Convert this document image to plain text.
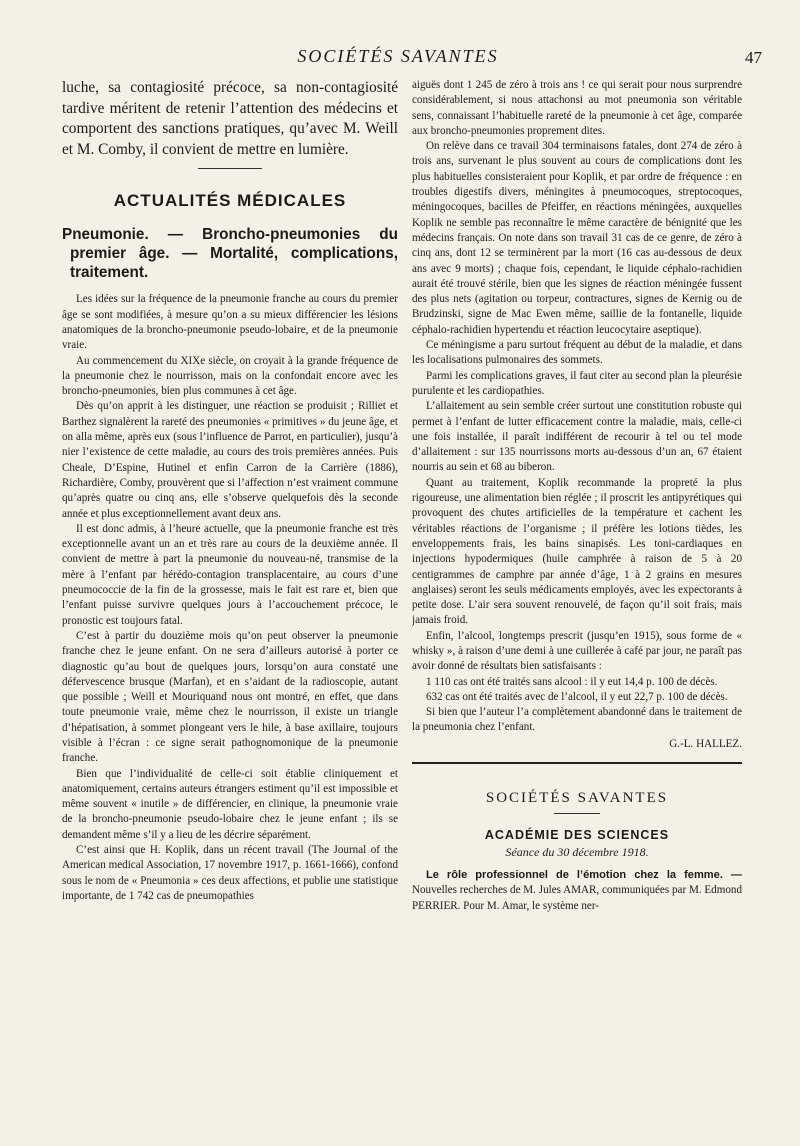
SOCIÉTÉS SAVANTES	47

luche, sa contagiosité précoce, sa non-contagiosité tardive méritent de retenir l’attention des médecins et comportent des sanctions pratiques, qu’avec M. Weill et M. Comby, il convient de mettre en lumière.

ACTUALITÉS MÉDICALES
Pneumonie. — Broncho-pneumonies du premier âge. — Mortalité, complications, traitement.

Les idées sur la fréquence de la pneumonie franche au cours du premier âge se sont modifiées, à mesure qu’on a su mieux différencier les lésions anatomiques de la broncho-pneumonie pseudo-lobaire, et de la pneumonie vraie.

Au commencement du XIXe siècle, on croyait à la grande fréquence de la pneumonie chez le nourrisson, mais on la confondait encore avec les broncho-pneumonies, bien plus communes à cet âge.

Dès qu’on apprit à les distinguer, une réaction se produisit ; Rilliet et Barthez signalèrent la rareté des pneumonies « primitives » du jeune âge, et on alla même, après eux (sous l’influence de Parrot, en particulier), jusqu’à nier l’existence de cette maladie, au cours des trois premières années. Puis Cheale, D’Espine, Hutinel et enfin Carron de la Carrière (1886), Richardière, Comby, prouvèrent que si l’affection n’est vraiment commune qu’après quatre ou cinq ans, elle s’observe quelquefois dès la seconde année et plus exceptionnellement avant deux ans.

Il est donc admis, à l’heure actuelle, que la pneumonie franche est très exceptionnelle avant un an et très rare au cours de la deuxième année. Il convient de mettre à part la pneumonie du nouveau-né, transmise de la mère à l’enfant par hérédo-contagion transplacentaire, au cours d’une pneumococcie de la fin de la grossesse, mais le fait est rare et, bien que l’enfant puisse survivre quelques jours à l’accouchement précoce, le pronostic est toujours fatal.

C’est à partir du douzième mois qu’on peut observer la pneumonie franche chez le jeune enfant. On ne sera d’ailleurs autorisé à porter ce diagnostic qu’au bout de quelques jours, lorsqu’on aura constaté une défervescence brusque (Marfan), et en s’aidant de la radioscopie, autant que possible ; Weill et Mouriquand nous ont montré, en effet, que dans toute pneumonie vraie, même chez le nourrisson, il existe un triangle d’hépatisation, à sommet plongeant vers le hile, à base axillaire, toujours visible à l’écran : ce signe serait pathognomonique de la pneumonie franche.

Bien que l’individualité de celle-ci soit établie cliniquement et anatomiquement, certains auteurs étrangers estiment qu’il est impossible et même souvent « inutile » de différencier, en clinique, la pneumonie vraie de la broncho-pneumonie pseudo-lobaire chez le jeune enfant ; ils se demandent même s’il y a lieu de les décrire séparément.

C’est ainsi que H. Koplik, dans un récent travail (The Journal of the American medical Association, 17 novembre 1917, p. 1661-1666), confond sous le nom de « Pneumonia » ces deux affections, et publie une statistique importante, de 1 742 cas de pneumopathies

aiguës dont 1 245 de zéro à trois ans ! ce qui serait pour nous surprendre considérablement, si nous attachonsi au mot pneumonia son véritable sens, connaissant l’habituelle rareté de la pneumonie à cet âge, comparée aux broncho-pneumonies proprement dites.

On relève dans ce travail 304 terminaisons fatales, dont 274 de zéro à trois ans, survenant le plus souvent au cours de complications dont les plus habituelles consisteraient pour Koplik, et par ordre de fréquence : en troubles digestifs divers, méningites à pneumocoques, streptocoques, méningocoques, bacilles de Pfeiffer, en réactions méningées, auxquelles Koplik ne semble pas reconnaître le même caractère de bénignité que les médecins français. On note dans son travail 31 cas de ce genre, de zéro à cinq ans, dont 12 se terminèrent par la mort (16 cas au-dessous de deux ans avec 9 morts) ; chaque fois, cependant, le liquide céphalo-rachidien aurait été trouvé stérile, bien que les signes de réaction méningée fussent des plus nets (agitation ou torpeur, contractures, signes de Kernig ou de Brudzinski, signe de Mac Ewen même, saillie de la fontanelle, liquide céphalo-rachidien hypertendu et réaction leucocytaire aseptique).

Ce méningisme a paru surtout fréquent au début de la maladie, et dans les localisations pulmonaires des sommets.

Parmi les complications graves, il faut citer au second plan la pleurésie purulente et les cardiopathies.

L’allaitement au sein semble créer surtout une constitution robuste qui permet à l’enfant de lutter efficacement contre la maladie, mais, celle-ci une fois installée, il paraît indifférent de recourir à tel ou tel mode d’allaitement : sur 135 nourrissons morts au-dessous d’un an, 67 étaient nourris au sein et 68 au biberon.

Quant au traitement, Koplik recommande la propreté la plus rigoureuse, une alimentation bien réglée ; il proscrit les antipyrétiques qui provoquent des chutes artificielles de la température et cachent les véritables réactions de l’organisme ; il préfère les lotions tièdes, les enveloppements frais, les bains sinapisés. Les toni-cardiaques en injections hypodermiques (huile camphrée à raison de 5 à 20 centigrammes de camphre par année d’âge, 1 à 2 grains en mesures anglaises) seront les seuls médicaments employés, avec les expectorants à petite dose. L’air sera souvent renouvelé, de façon qu’il soit frais, mais jamais froid.

Enfin, l’alcool, longtemps prescrit (jusqu’en 1915), sous forme de « whisky », à raison d’une demi à une cuillerée à café par jour, ne paraît pas avoir donné de résultats bien satisfaisants :

1 110 cas ont été traités sans alcool : il y eut 14,4 p. 100 de décès.

632 cas ont été traités avec de l’alcool, il y eut 22,7 p. 100 de décès.

Si bien que l’auteur l’a complètement abandonné dans le traitement de la pneumonia chez l’enfant.

G.-L. HALLEZ.
SOCIÉTÉS SAVANTES
ACADÉMIE DES SCIENCES
Séance du 30 décembre 1918.

Le rôle professionnel de l’émotion chez la femme. — Nouvelles recherches de M. Jules AMAR, communiquées par M. Edmond PERRIER. Pour M. Amar, le système ner-
